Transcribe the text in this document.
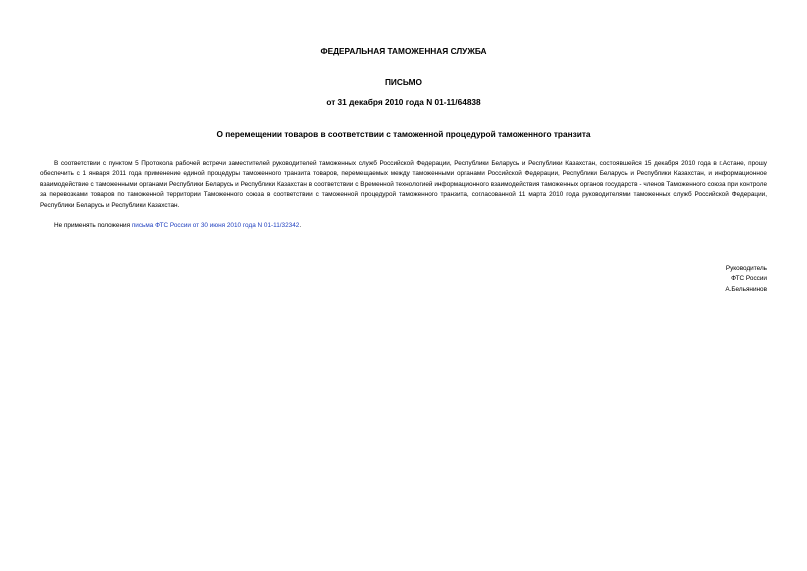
ФЕДЕРАЛЬНАЯ ТАМОЖЕННАЯ СЛУЖБА
ПИСЬМО
от 31 декабря 2010 года N 01-11/64838
О перемещении товаров в соответствии с таможенной процедурой таможенного транзита
В соответствии с пунктом 5 Протокола рабочей встречи заместителей руководителей таможенных служб Российской Федерации, Республики Беларусь и Республики Казахстан, состоявшейся 15 декабря 2010 года в г.Астане, прошу обеспечить с 1 января 2011 года применение единой процедуры таможенного транзита товаров, перемещаемых между таможенными органами Российской Федерации, Республики Беларусь и Республики Казахстан, и информационное взаимодействие с таможенными органами Республики Беларусь и Республики Казахстан в соответствии с Временной технологией информационного взаимодействия таможенных органов государств - членов Таможенного союза при контроле за перевозками товаров по таможенной территории Таможенного союза в соответствии с таможенной процедурой таможенного транзита, согласованной 11 марта 2010 года руководителями таможенных служб Российской Федерации, Республики Беларусь и Республики Казахстан.
Не применять положения письма ФТС России от 30 июня 2010 года N 01-11/32342.
Руководитель
ФТС России
А.Бельянинов
